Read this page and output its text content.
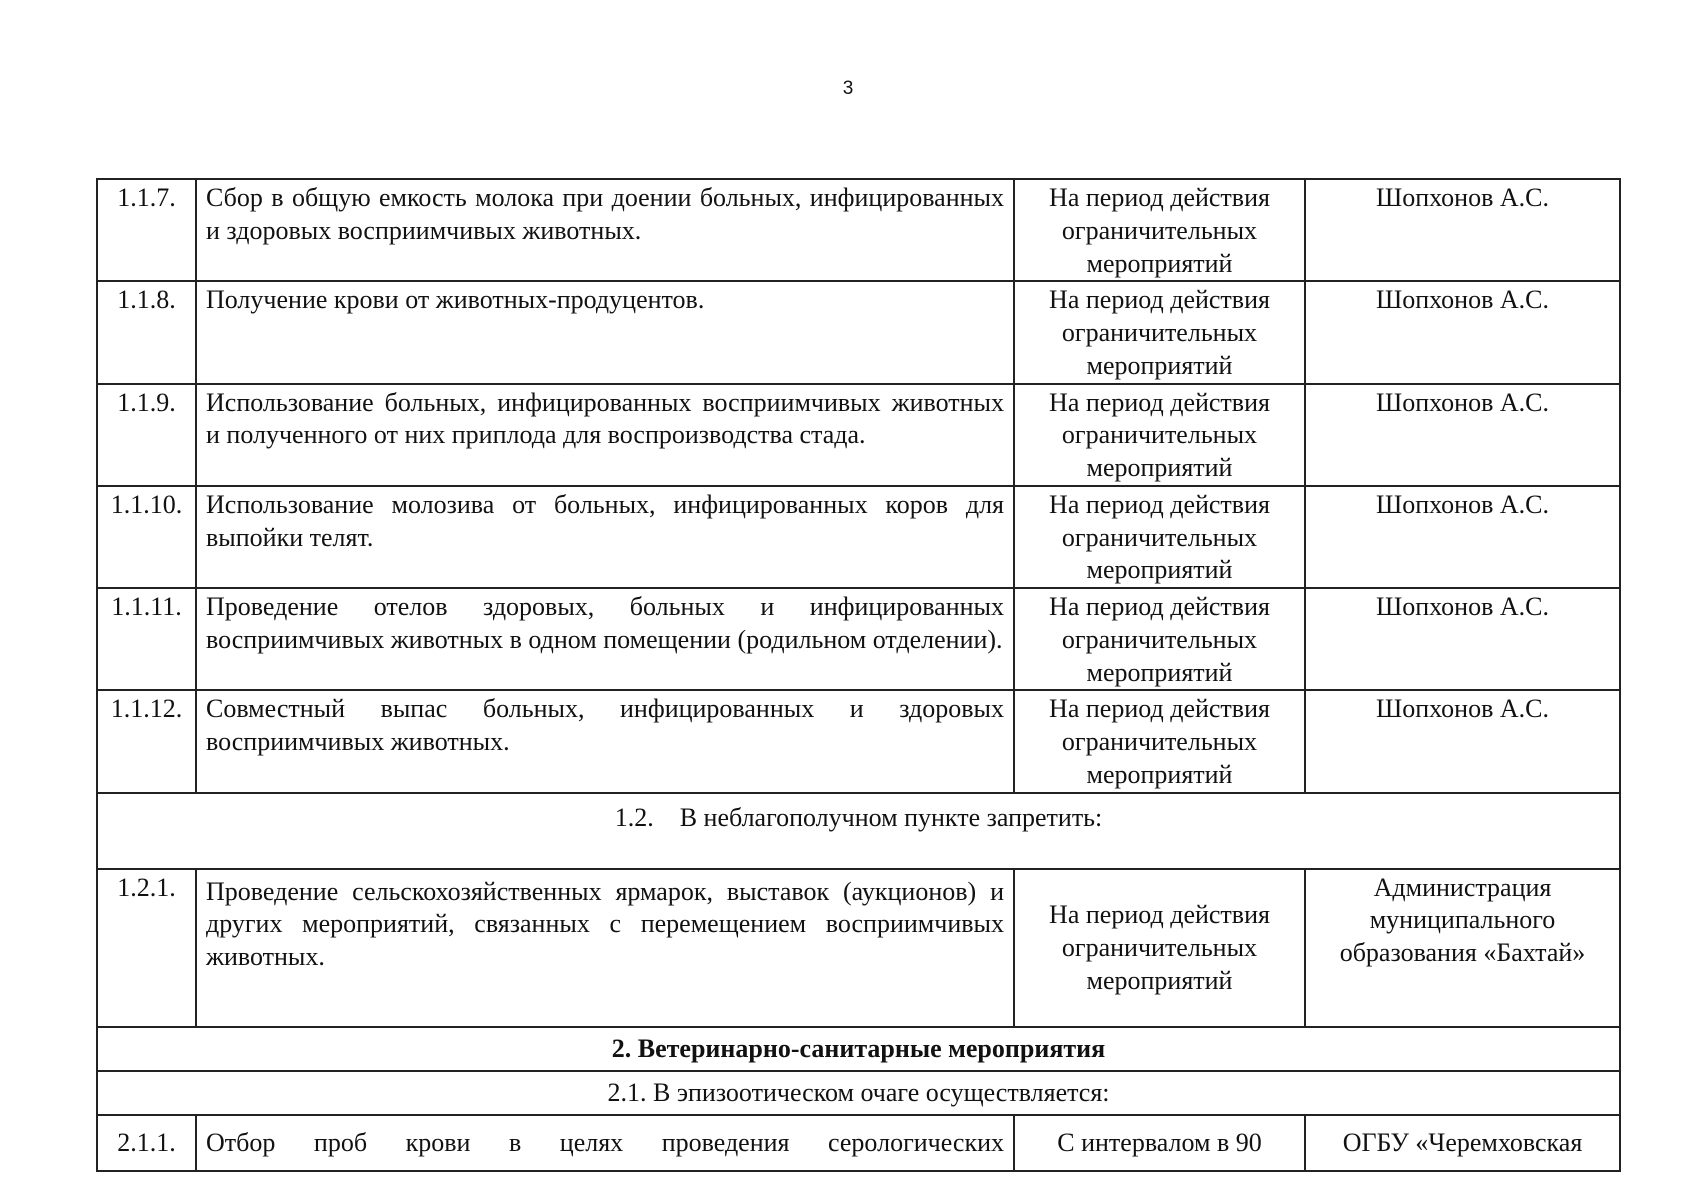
3
1.1.7.	Сбор в общую емкость молока при доении больных, инфицированных и здоровых восприимчивых животных.	На период действия ограничительных мероприятий	Шопхонов А.С.
1.1.8.	Получение крови от животных-продуцентов.	На период действия ограничительных мероприятий	Шопхонов А.С.
1.1.9.	Использование больных, инфицированных восприимчивых животных и полученного от них приплода для воспроизводства стада.	На период действия ограничительных мероприятий	Шопхонов А.С.
1.1.10.	Использование молозива от больных, инфицированных коров для выпойки телят.	На период действия ограничительных мероприятий	Шопхонов А.С.
1.1.11.	Проведение отелов здоровых, больных и инфицированных восприимчивых животных в одном помещении (родильном отделении).	На период действия ограничительных мероприятий	Шопхонов А.С.
1.1.12.	Совместный выпас больных, инфицированных и здоровых восприимчивых животных.	На период действия ограничительных мероприятий	Шопхонов А.С.
1.2.    В неблагополучном пункте запретить:			
1.2.1.	Проведение сельскохозяйственных ярмарок, выставок (аукционов) и других мероприятий, связанных с перемещением восприимчивых животных.	На период действия ограничительных мероприятий	Администрация муниципального образования «Бахтай»
2. Ветеринарно-санитарные мероприятия			
2.1. В эпизоотическом очаге осуществляется:			
2.1.1.	Отбор проб крови в целях проведения серологических	С интервалом в 90	ОГБУ «Черемховская
